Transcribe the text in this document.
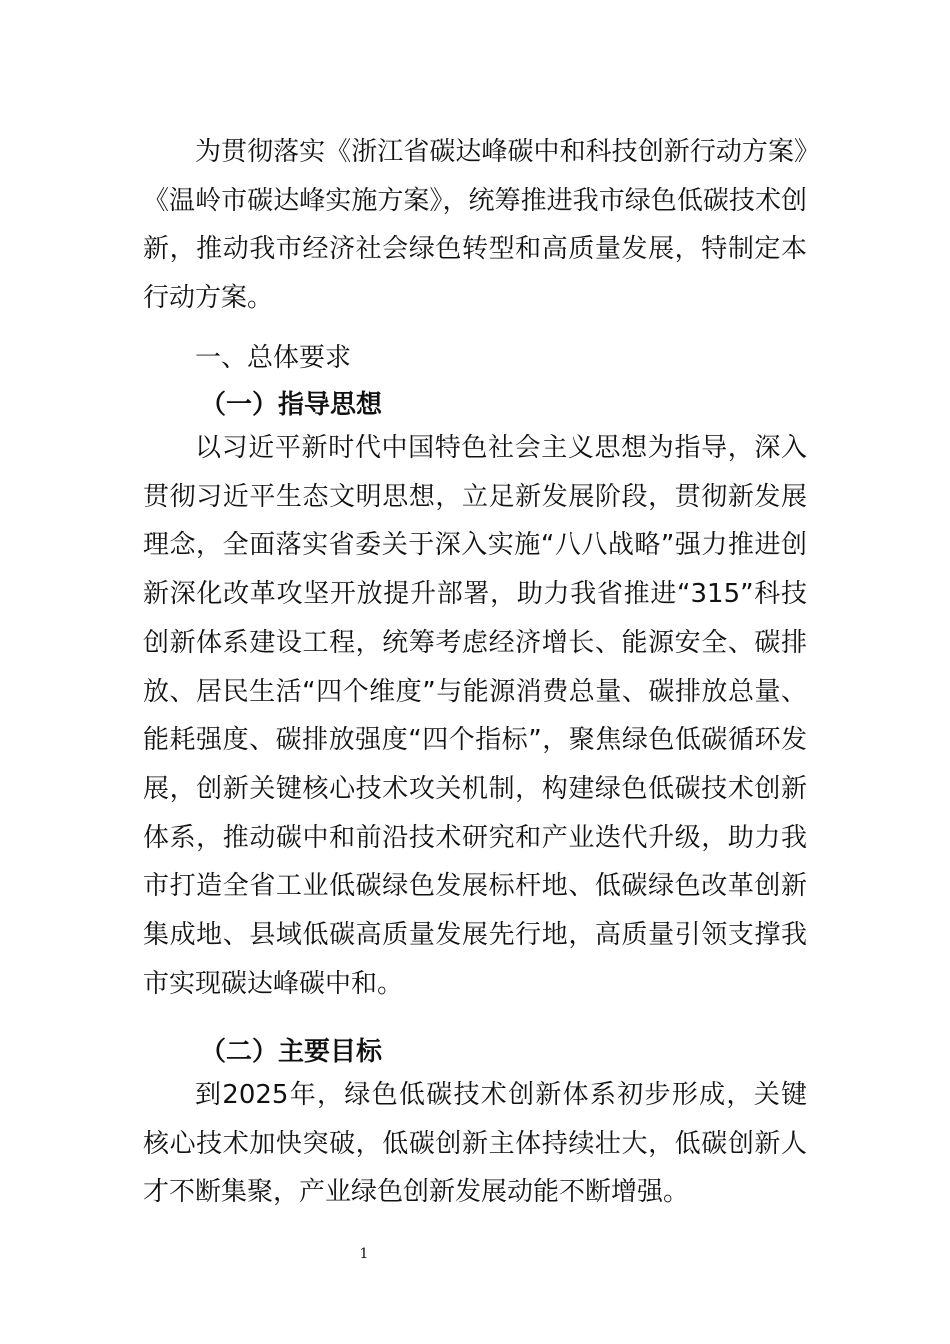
为贯彻落实《浙江省碳达峰碳中和科技创新行动方案》《温岭市碳达峰实施方案》，统筹推进我市绿色低碳技术创新，推动我市经济社会绿色转型和高质量发展，特制定本行动方案。

一、总体要求

（一）指导思想

以习近平新时代中国特色社会主义思想为指导，深入贯彻习近平生态文明思想，立足新发展阶段，贯彻新发展理念，全面落实省委关于深入实施“八八战略”强力推进创新深化改革攻坚开放提升部署，助力我省推进“315”科技创新体系建设工程，统筹考虑经济增长、能源安全、碳排放、居民生活“四个维度”与能源消费总量、碳排放总量、能耗强度、碳排放强度“四个指标”，聚焦绿色低碳循环发展，创新关键核心技术攻关机制，构建绿色低碳技术创新体系，推动碳中和前沿技术研究和产业迭代升级，助力我市打造全省工业低碳绿色发展标杆地、低碳绿色改革创新集成地、县域低碳高质量发展先行地，高质量引领支撑我市实现碳达峰碳中和。

（二）主要目标

到2025年，绿色低碳技术创新体系初步形成，关键核心技术加快突破，低碳创新主体持续壮大，低碳创新人才不断集聚，产业绿色创新发展动能不断增强。

1
